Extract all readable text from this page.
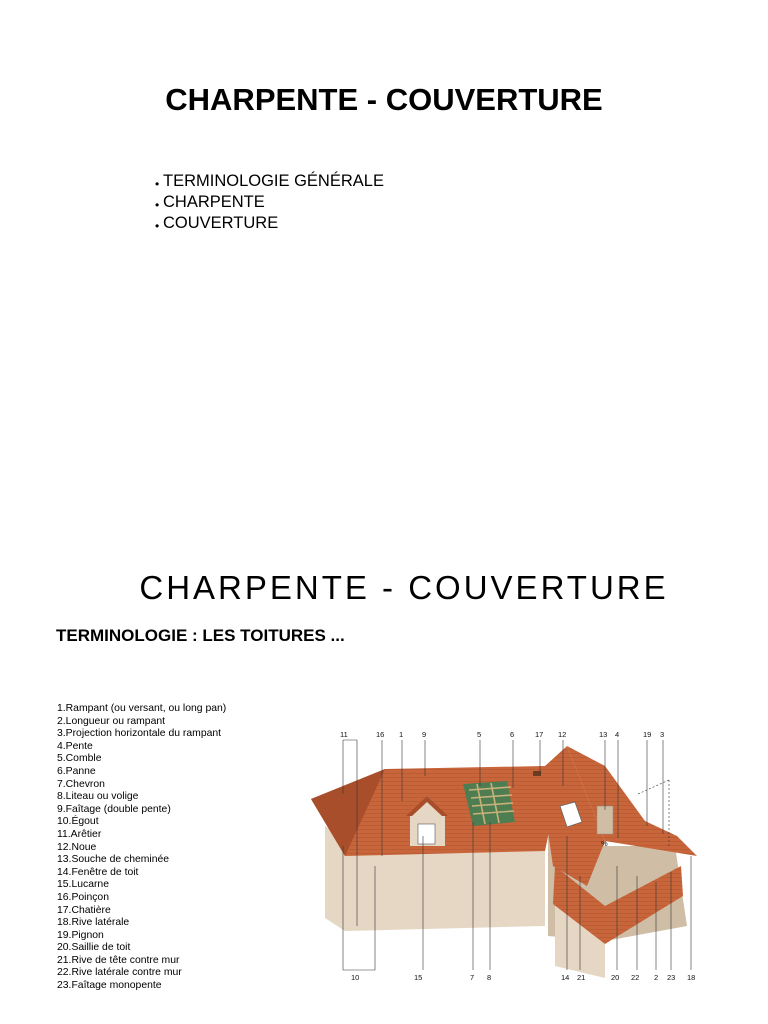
CHARPENTE - COUVERTURE
• TERMINOLOGIE GÉNÉRALE
• CHARPENTE
• COUVERTURE
CHARPENTE - COUVERTURE
TERMINOLOGIE : LES TOITURES ...
1.Rampant (ou versant, ou long pan)
2.Longueur ou rampant
3.Projection horizontale du rampant
4.Pente
5.Comble
6.Panne
7.Chevron
8.Liteau ou volige
9.Faîtage (double pente)
10.Égout
11.Arêtier
12.Noue
13.Souche de cheminée
14.Fenêtre de toit
15.Lucarne
16.Poinçon
17.Chatière
18.Rive latérale
19.Pignon
20.Saillie de toit
21.Rive de tête contre mur
22.Rive latérale contre mur
23.Faîtage monopente
11	16 1	9	5	6	17 12	13 4	19 3
10	15	7 8	14 21	20 22 2 23 18
%
